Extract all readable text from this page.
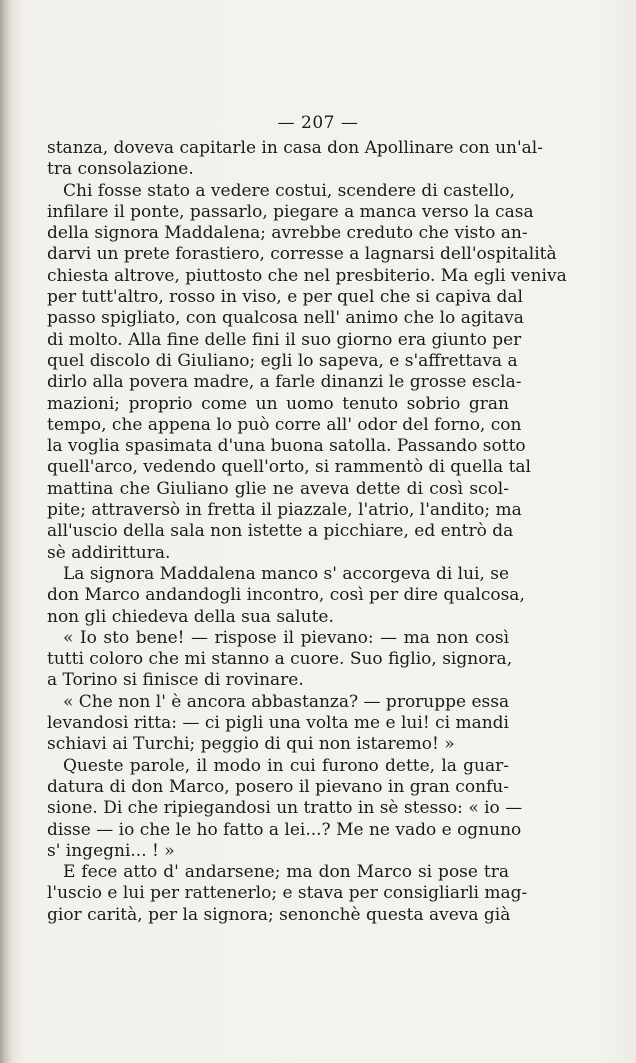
— 207 —
stanza, doveva capitarle in casa don Apollinare con un'al-
tra consolazione.
Chi fosse stato a vedere costui, scendere di castello,
infilare il ponte, passarlo, piegare a manca verso la casa
della signora Maddalena; avrebbe creduto che visto an-
darvi un prete forastiero, corresse a lagnarsi dell'ospitalità
chiesta altrove, piuttosto che nel presbiterio. Ma egli veniva
per tutt'altro, rosso in viso, e per quel che si capiva dal
passo spigliato, con qualcosa nell' animo che lo agitava
di molto. Alla fine delle fini il suo giorno era giunto per
quel discolo di Giuliano; egli lo sapeva, e s'affrettava a
dirlo alla povera madre, a farle dinanzi le grosse escla-
mazioni; proprio come un uomo tenuto sobrio gran
tempo, che appena lo può corre all' odor del forno, con
la voglia spasimata d'una buona satolla. Passando sotto
quell'arco, vedendo quell'orto, si rammentò di quella tal
mattina che Giuliano glie ne aveva dette di così scol-
pite; attraversò in fretta il piazzale, l'atrio, l'andito; ma
all'uscio della sala non istette a picchiare, ed entrò da
sè addirittura.
La signora Maddalena manco s' accorgeva di lui, se
don Marco andandogli incontro, così per dire qualcosa,
non gli chiedeva della sua salute.
« Io sto bene! — rispose il pievano: — ma non così
tutti coloro che mi stanno a cuore. Suo figlio, signora,
a Torino si finisce di rovinare.
« Che non l' è ancora abbastanza? — proruppe essa
levandosi ritta: — ci pigli una volta me e lui! ci mandi
schiavi ai Turchi; peggio di qui non istaremo! »
Queste parole, il modo in cui furono dette, la guar-
datura di don Marco, posero il pievano in gran confu-
sione. Di che ripiegandosi un tratto in sè stesso: « io —
disse — io che le ho fatto a lei...? Me ne vado e ognuno
s' ingegni... ! »
E fece atto d' andarsene; ma don Marco si pose tra
l'uscio e lui per rattenerlo; e stava per consigliarli mag-
gior carità, per la signora; senonchè questa aveva già
